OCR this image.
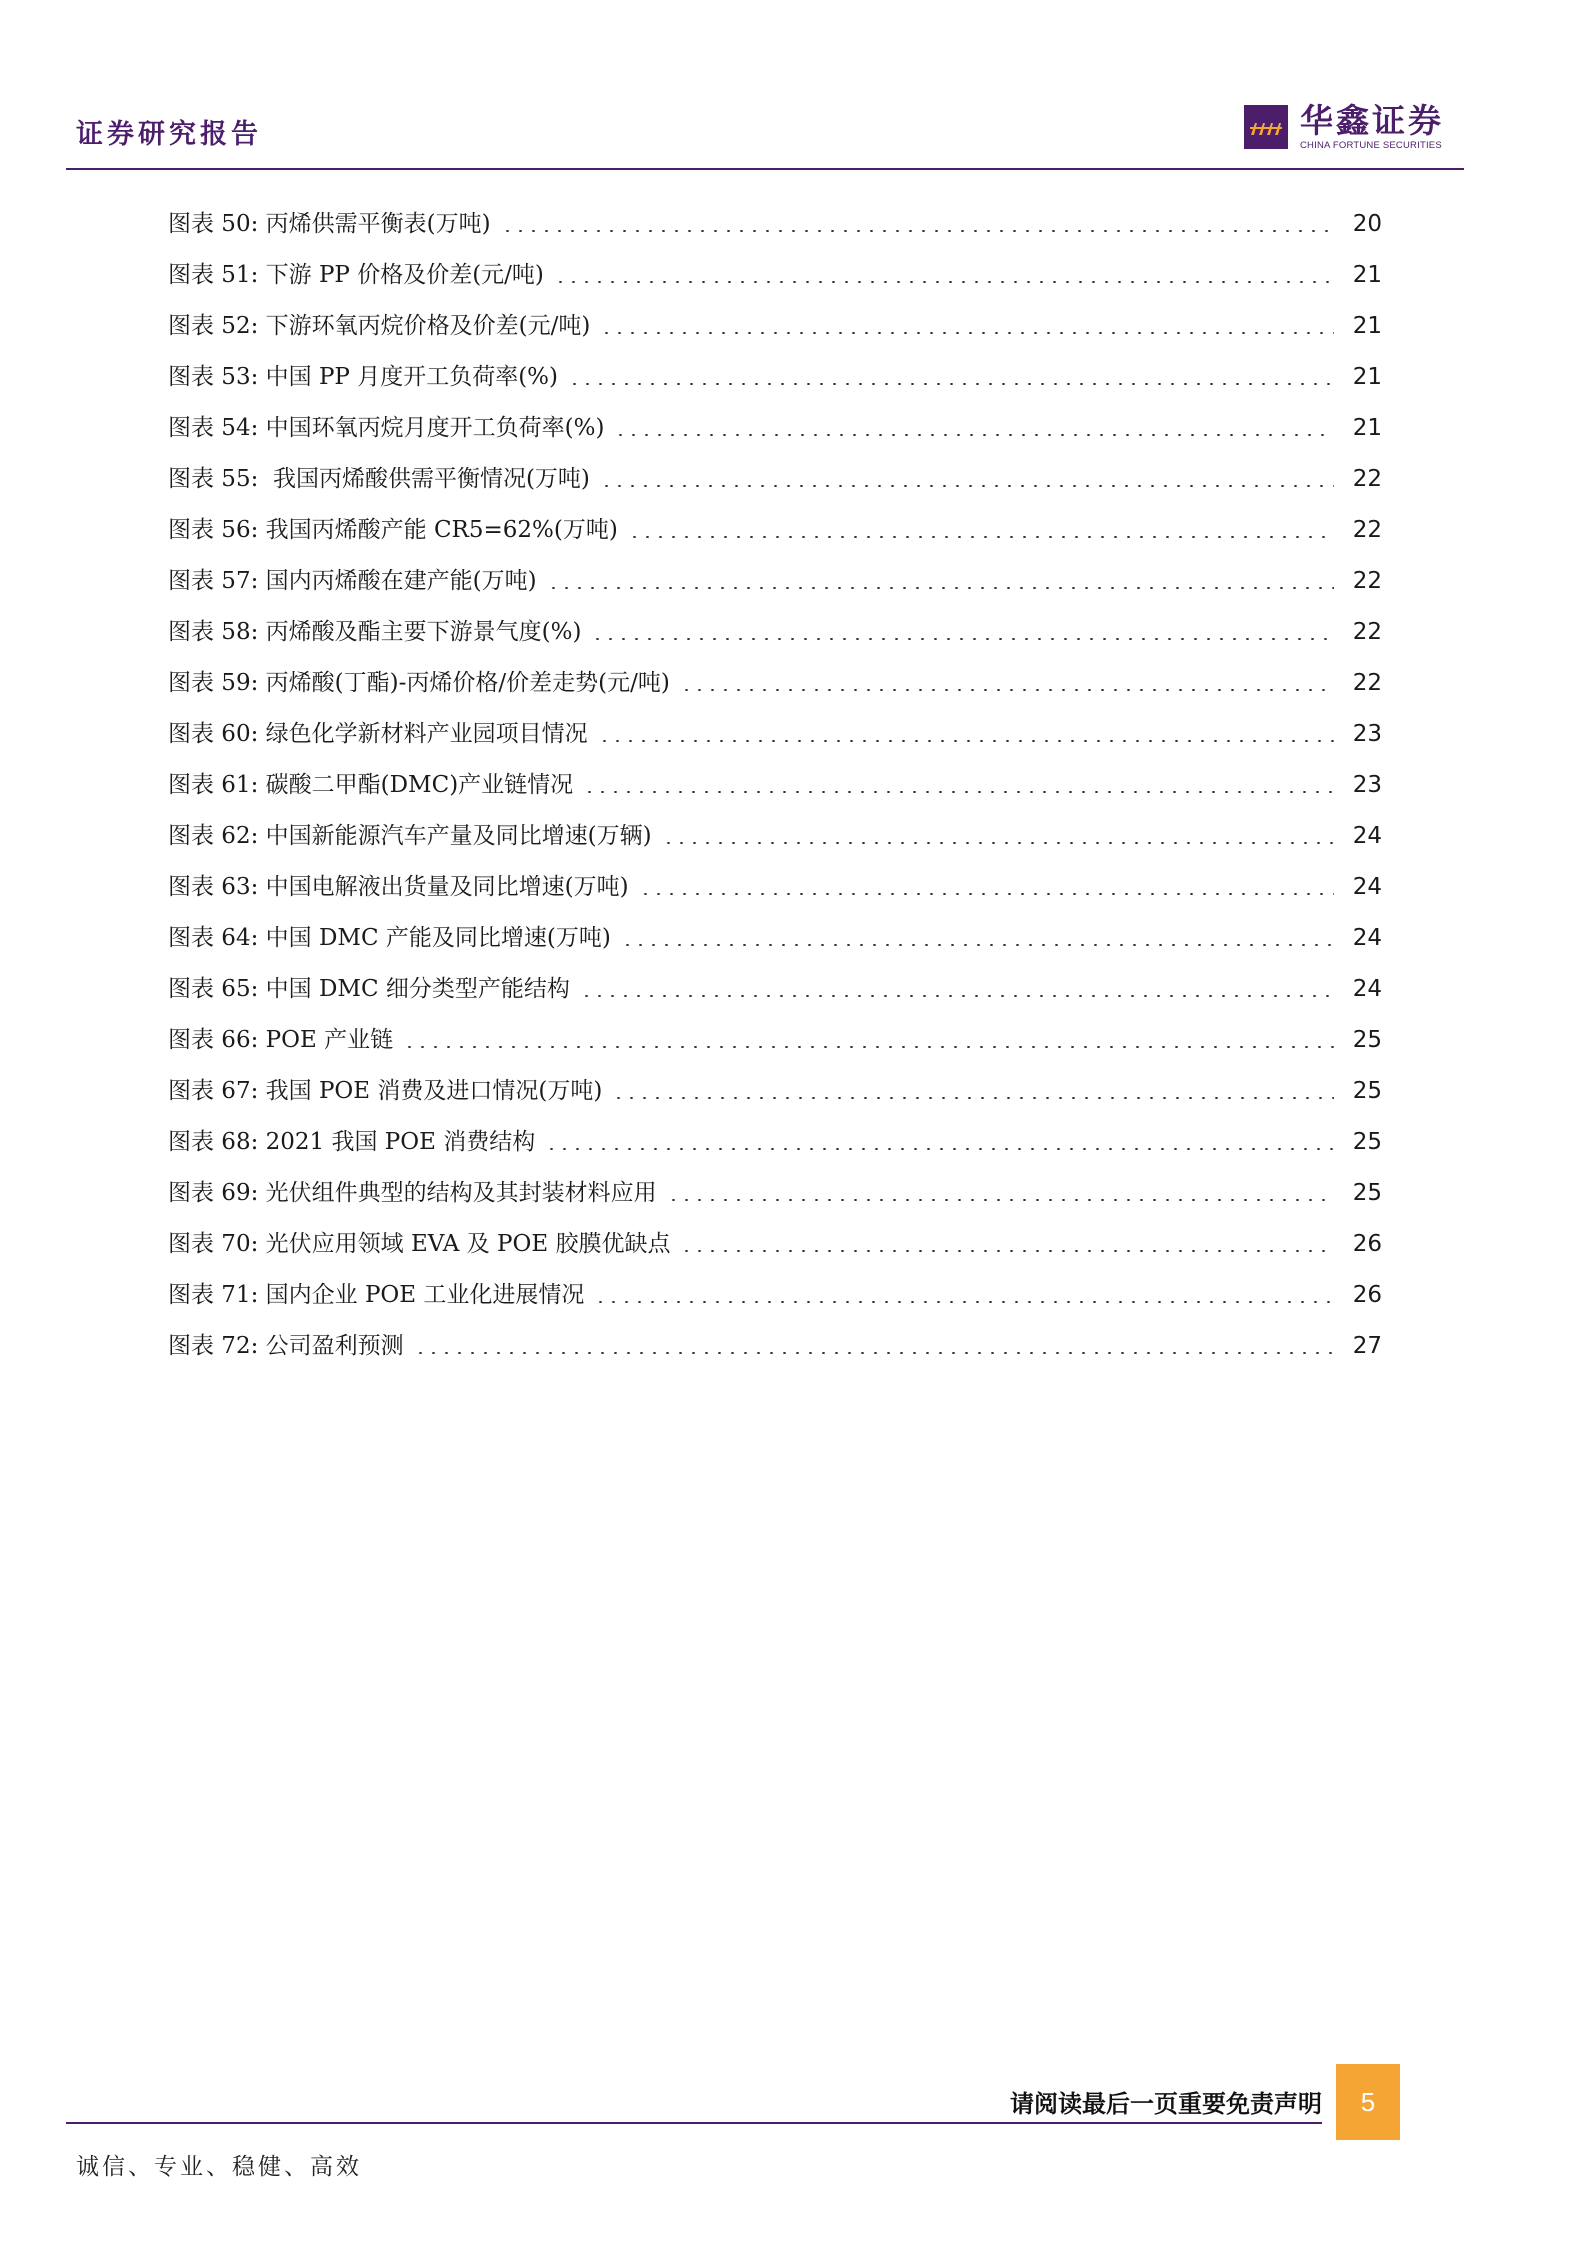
证券研究报告	华鑫证券
CHINA FORTUNE SECURITIES
图表 50: 丙烯供需平衡表(万吨)	20
图表 51: 下游 PP 价格及价差(元/吨)	21
图表 52: 下游环氧丙烷价格及价差(元/吨)	21
图表 53: 中国 PP 月度开工负荷率(%)	21
图表 54: 中国环氧丙烷月度开工负荷率(%)	21
图表 55:  我国丙烯酸供需平衡情况(万吨)	22
图表 56: 我国丙烯酸产能 CR5=62%(万吨)	22
图表 57: 国内丙烯酸在建产能(万吨)	22
图表 58: 丙烯酸及酯主要下游景气度(%)	22
图表 59: 丙烯酸(丁酯)-丙烯价格/价差走势(元/吨)	22
图表 60: 绿色化学新材料产业园项目情况	23
图表 61: 碳酸二甲酯(DMC)产业链情况	23
图表 62: 中国新能源汽车产量及同比增速(万辆)	24
图表 63: 中国电解液出货量及同比增速(万吨)	24
图表 64: 中国 DMC 产能及同比增速(万吨)	24
图表 65: 中国 DMC 细分类型产能结构	24
图表 66: POE 产业链	25
图表 67: 我国 POE 消费及进口情况(万吨)	25
图表 68: 2021 我国 POE 消费结构	25
图表 69: 光伏组件典型的结构及其封装材料应用	25
图表 70: 光伏应用领域 EVA 及 POE 胶膜优缺点	26
图表 71: 国内企业 POE 工业化进展情况	26
图表 72: 公司盈利预测	27
请阅读最后一页重要免责声明	5
诚信、专业、稳健、高效
